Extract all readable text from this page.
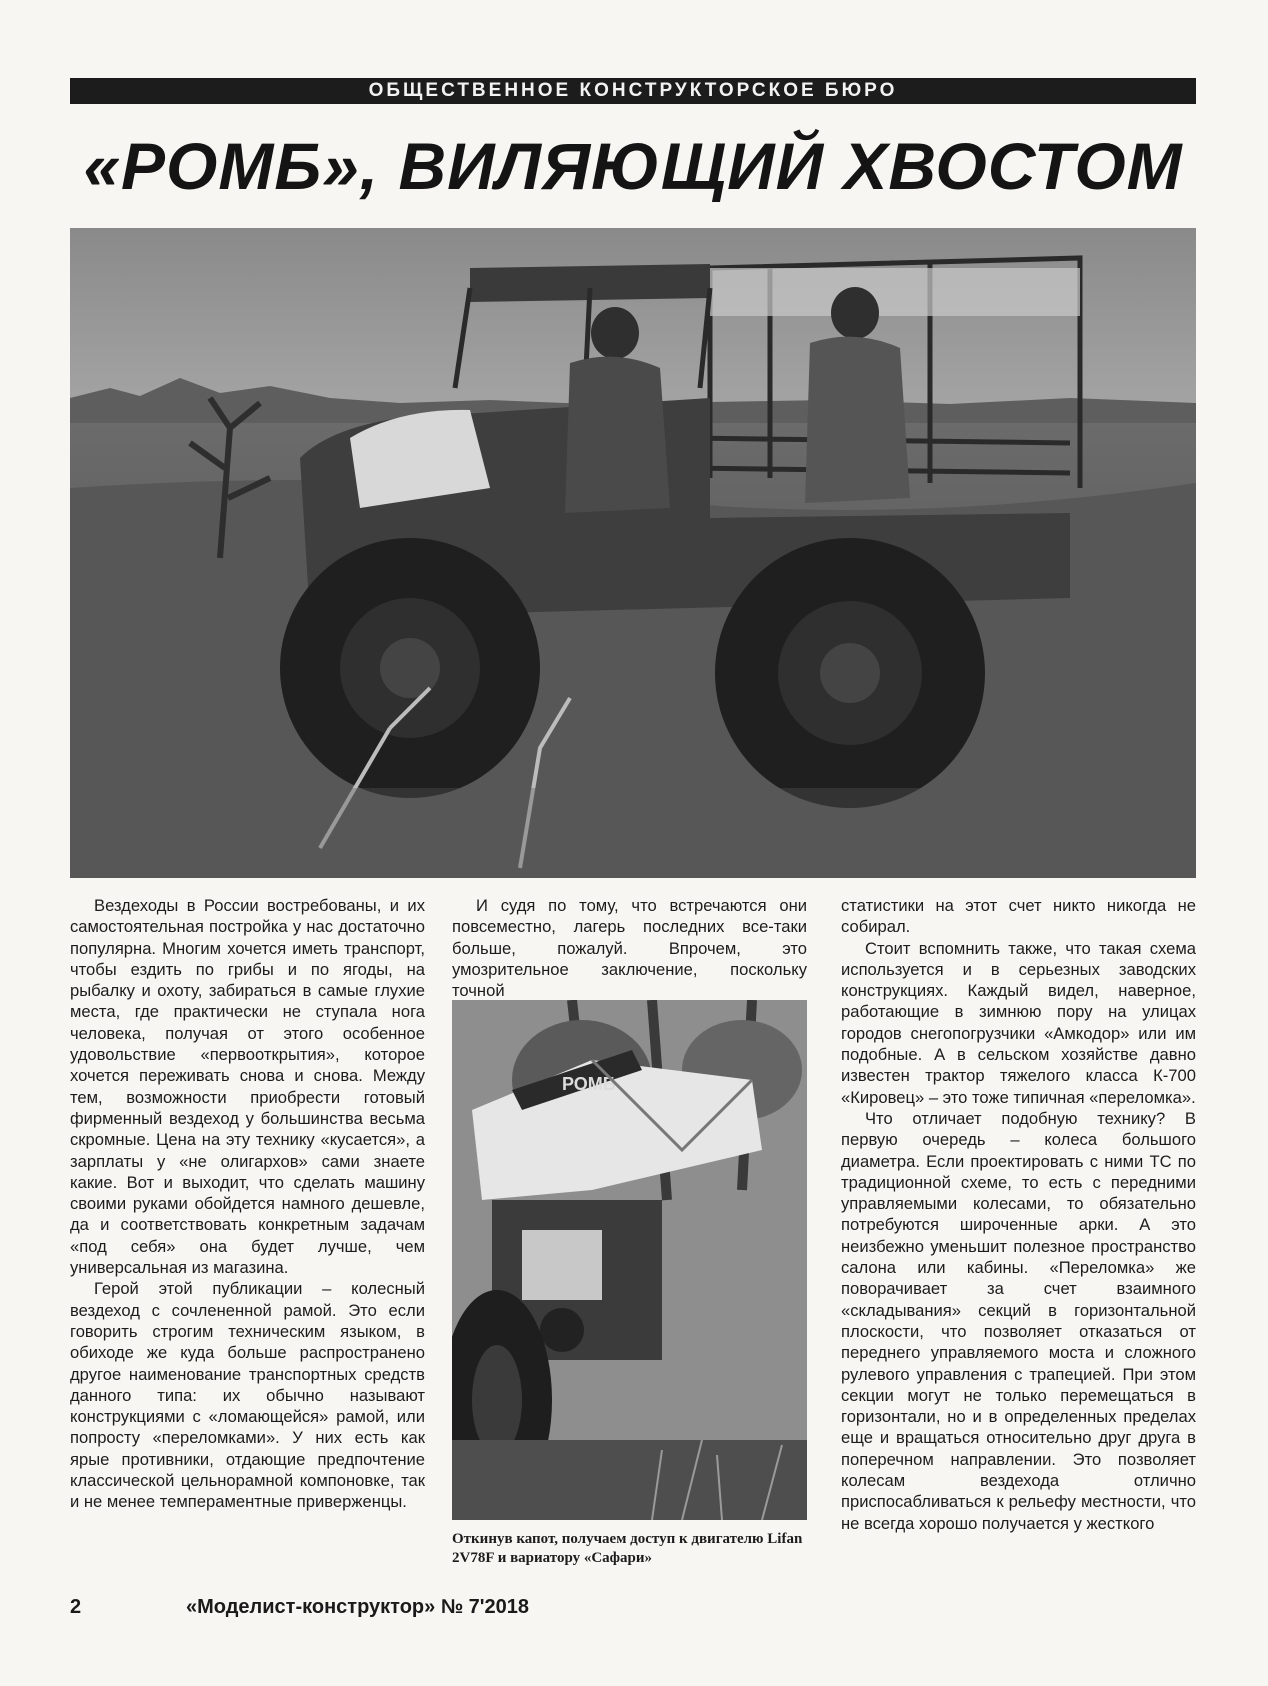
ОБЩЕСТВЕННОЕ КОНСТРУКТОРСКОЕ БЮРО
«РОМБ», ВИЛЯЮЩИЙ ХВОСТОМ

Вездеходы в России востребованы, и их самостоятельная постройка у нас достаточно популярна. Многим хочется иметь транспорт, чтобы ездить по грибы и по ягоды, на рыбалку и охоту, забираться в самые глухие места, где практически не ступала нога человека, получая от этого особенное удовольствие «первооткрытия», которое хочется переживать снова и снова. Между тем, возможности приобрести готовый фирменный вездеход у большинства весьма скромные. Цена на эту технику «кусается», а зарплаты у «не олигархов» сами знаете какие. Вот и выходит, что сделать машину своими руками обойдется намного дешевле, да и соответствовать конкретным задачам «под себя» она будет лучше, чем универсальная из магазина.

Герой этой публикации – колесный вездеход с сочлененной рамой. Это если говорить строгим техническим языком, в обиходе же куда больше распространено другое наименование транспортных средств данного типа: их обычно называют конструкциями с «ломающейся» рамой, или попросту «переломками». У них есть как ярые противники, отдающие предпочтение классической цельнорамной компоновке, так и не менее темпераментные приверженцы.

И судя по тому, что встречаются они повсеместно, лагерь последних все-таки больше, пожалуй. Впрочем, это умозрительное заключение, поскольку точной

РОМБ
Откинув капот, получаем доступ к двигателю Lifan 2V78F и вариатору «Сафари»

статистики на этот счет никто никогда не собирал.

Стоит вспомнить также, что такая схема используется и в серьезных заводских конструкциях. Каждый видел, наверное, работающие в зимнюю пору на улицах городов снегопогрузчики «Амкодор» или им подобные. А в сельском хозяйстве давно известен трактор тяжелого класса К-700 «Кировец» – это тоже типичная «переломка».

Что отличает подобную технику? В первую очередь – колеса большого диаметра. Если проектировать с ними ТС по традиционной схеме, то есть с передними управляемыми колесами, то обязательно потребуются широченные арки. А это неизбежно уменьшит полезное пространство салона или кабины. «Переломка» же поворачивает за счет взаимного «складывания» секций в горизонтальной плоскости, что позволяет отказаться от переднего управляемого моста и сложного рулевого управления с трапецией. При этом секции могут не только перемещаться в горизонтали, но и в определенных пределах еще и вращаться относительно друг друга в поперечном направлении. Это позволяет колесам вездехода отлично приспосабливаться к рельефу местности, что не всегда хорошо получается у жесткого

2	«Моделист-конструктор» № 7'2018
